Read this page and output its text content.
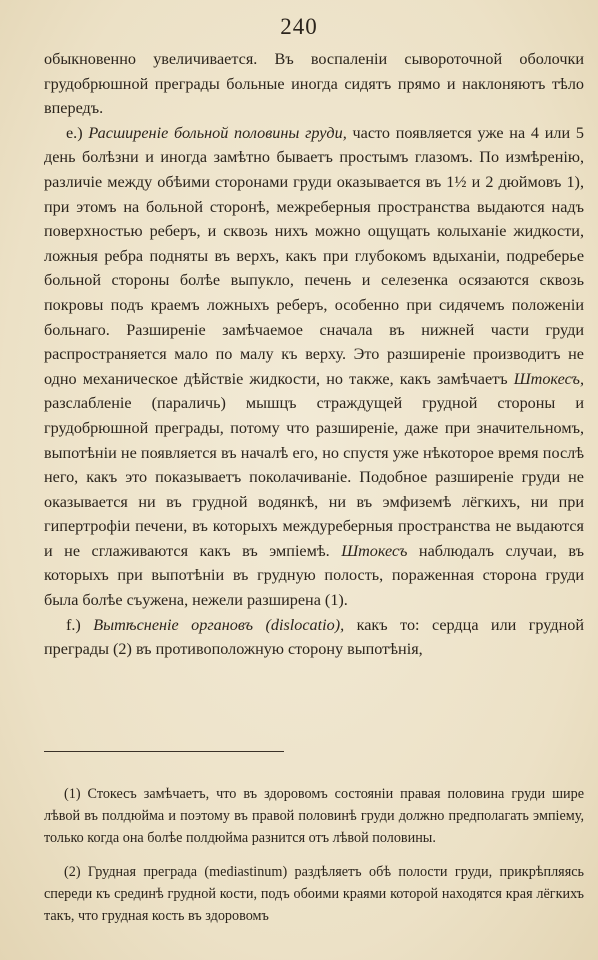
240

обыкновенно увеличивается. Въ воспаленіи сывороточной оболочки грудобрюшной преграды больные иногда сидятъ прямо и наклоняютъ тѣло впередъ.

e.) Расширеніе больной половины груди, часто появляется уже на 4 или 5 день болѣзни и иногда замѣтно бываетъ простымъ глазомъ. По измѣренію, различіе между обѣими сторонами груди оказывается въ 1½ и 2 дюймовъ 1), при этомъ на больной сторонѣ, межреберныя пространства выдаются надъ поверхностью реберъ, и сквозь нихъ можно ощущать колыханіе жидкости, ложныя ребра подняты въ верхъ, какъ при глубокомъ вдыханіи, подреберье больной стороны болѣе выпукло, печень и селезенка осязаются сквозь покровы подъ краемъ ложныхъ реберъ, особенно при сидячемъ положеніи больнаго. Разширеніе замѣчаемое сначала въ нижней части груди распространяется мало по малу къ верху. Это разширеніе производитъ не одно механическое дѣйствіе жидкости, но также, какъ замѣчаетъ Штокесъ, разслабленіе (параличь) мышцъ страждущей грудной стороны и грудобрюшной преграды, потому что разширеніе, даже при значительномъ, выпотѣніи не появляется въ началѣ его, но спустя уже нѣкоторое время послѣ него, какъ это показываетъ поколачиваніе. Подобное разширеніе груди не оказывается ни въ грудной водянкѣ, ни въ эмфиземѣ лёгкихъ, ни при гипертрофіи печени, въ которыхъ междуреберныя пространства не выдаются и не сглаживаются какъ въ эмпіемѣ. Штокесъ наблюдалъ случаи, въ которыхъ при выпотѣніи въ грудную полость, пораженная сторона груди была болѣе съужена, нежели разширена (1).

f.) Вытѣсненіе органовъ (dislocatio), какъ то: сердца или грудной преграды (2) въ противоположную сторону выпотѣнія,

(1) Стокесъ замѣчаетъ, что въ здоровомъ состояніи правая половина груди шире лѣвой въ полдюйма и поэтому въ правой половинѣ груди должно предполагать эмпіему, только когда она болѣе полдюйма разнится отъ лѣвой половины.

(2) Грудная преграда (mediastinum) раздѣляетъ обѣ полости груди, прикрѣпляясь спереди къ срединѣ грудной кости, подъ обоими краями которой находятся края лёгкихъ такъ, что грудная кость въ здоровомъ
